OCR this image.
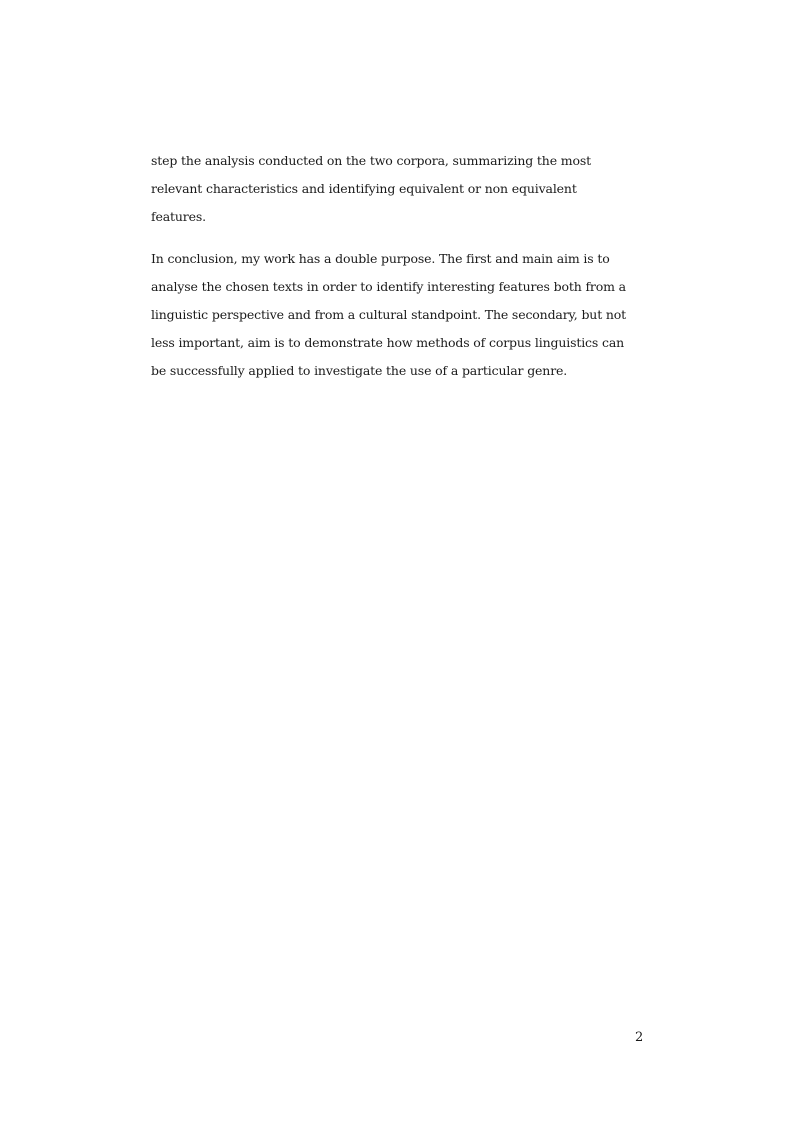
step the analysis conducted on the two corpora, summarizing the most
relevant characteristics and identifying equivalent or non equivalent
features.
In conclusion, my work has a double purpose. The first and main aim is to
analyse the chosen texts in order to identify interesting features both from a
linguistic perspective and from a cultural standpoint. The secondary, but not
less important, aim is to demonstrate how methods of corpus linguistics can
be successfully applied to investigate the use of a particular genre.
2
